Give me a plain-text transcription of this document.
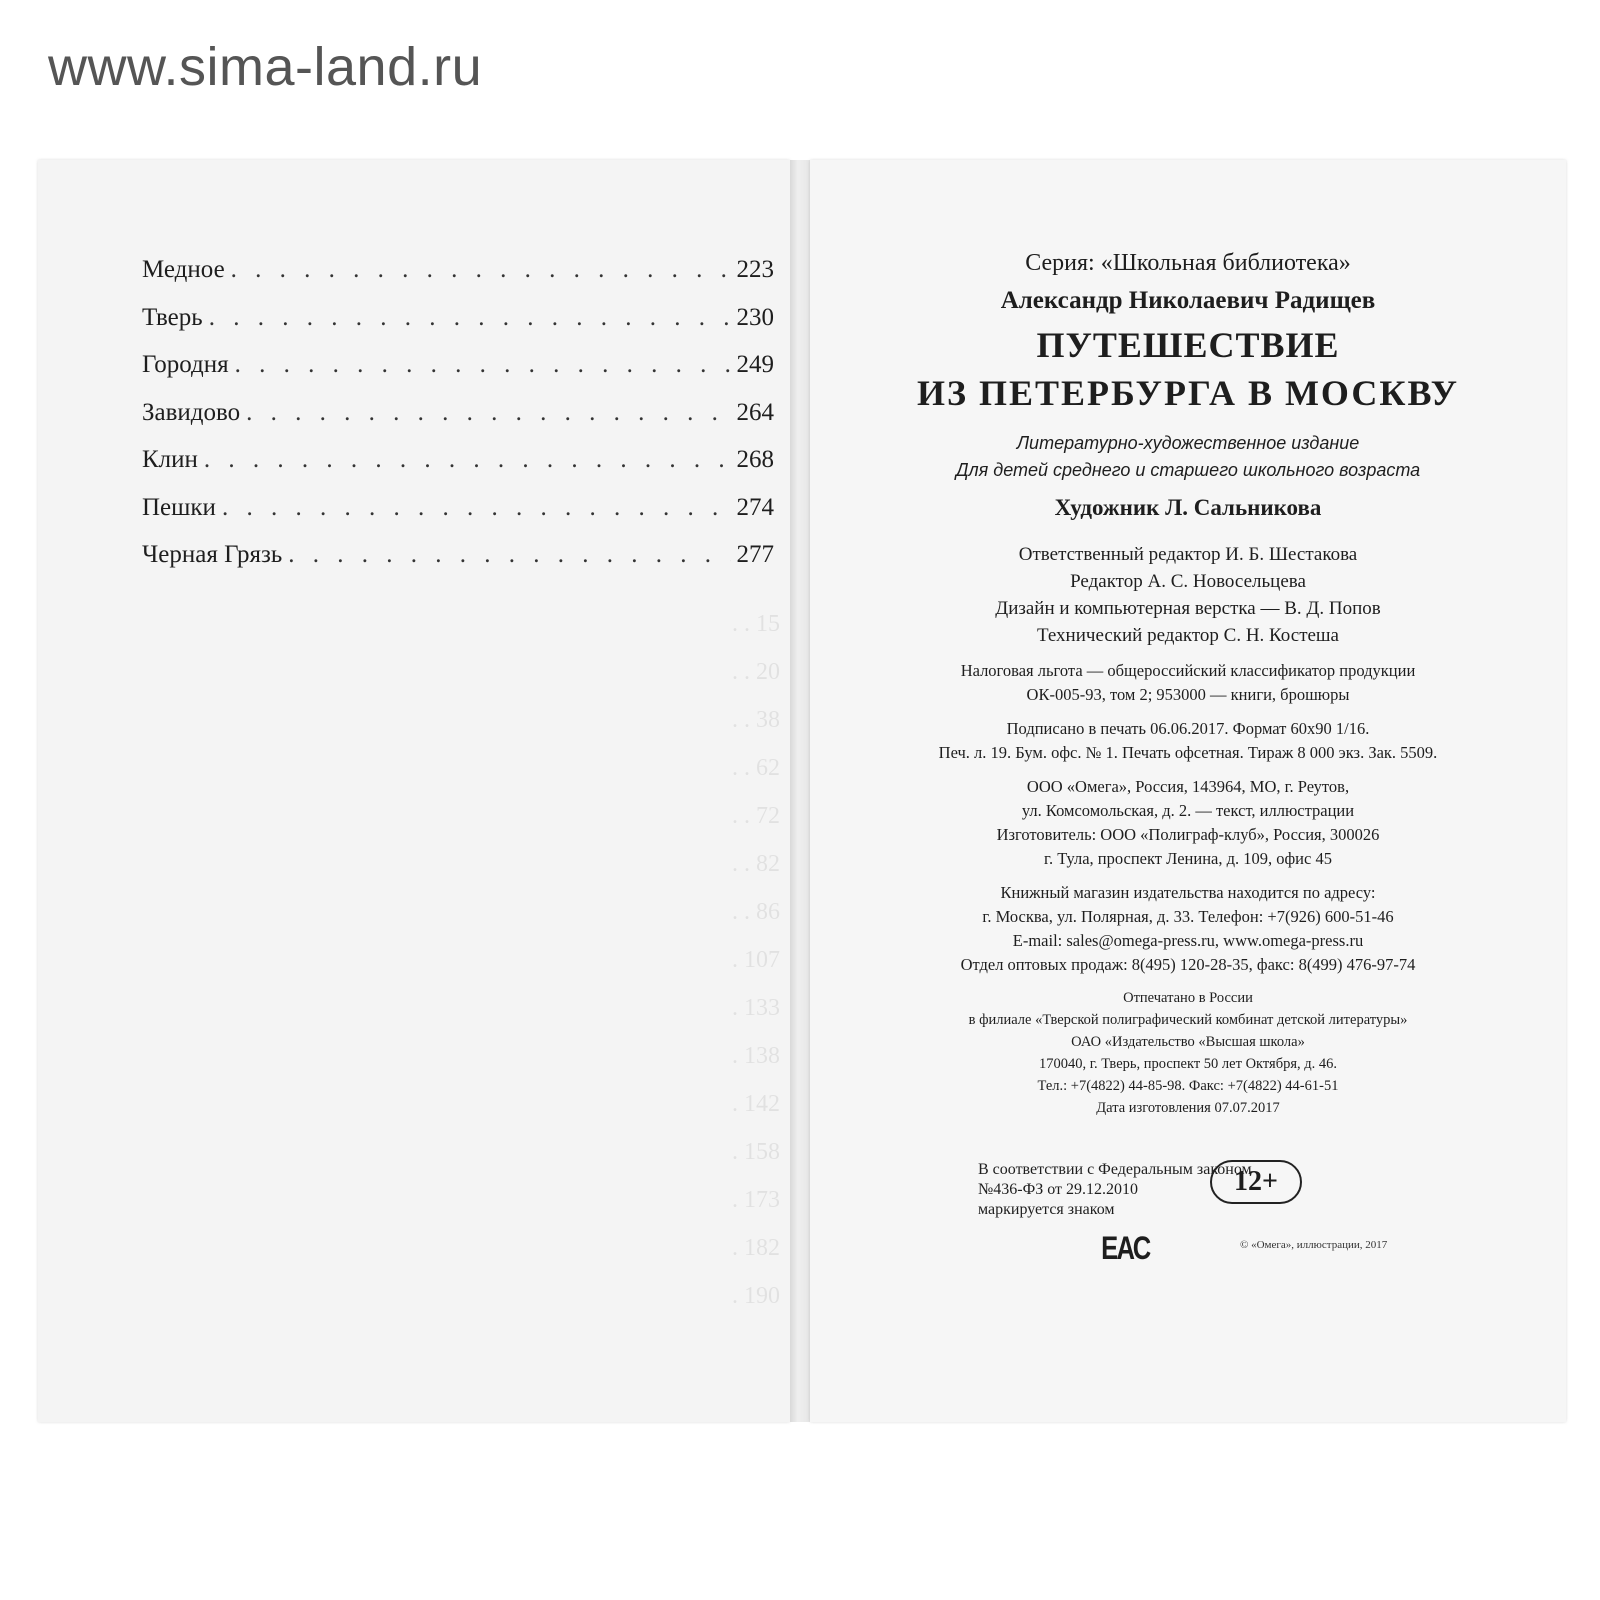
www.sima-land.ru
. . 15
. . 20
. . 38
. . 62
. . 72
. . 82
. . 86
. 107
. 133
. 138
. 142
. 158
. 173
. 182
. 190
Медное . . .	223
Тверь . . .	230
Городня . . .	249
Завидово . . .	264
Клин . . .	268
Пешки . . .	274
Черная Грязь . . .	277
Серия: «Школьная библиотека»
Александр Николаевич Радищев
ПУТЕШЕСТВИЕ
ИЗ ПЕТЕРБУРГА В МОСКВУ
Литературно-художественное издание
Для детей среднего и старшего школьного возраста
Художник Л. Сальникова
Ответственный редактор И. Б. Шестакова
Редактор А. С. Новосельцева
Дизайн и компьютерная верстка — В. Д. Попов
Технический редактор С. Н. Костеша
Налоговая льгота — общероссийский классификатор продукции
ОК-005-93, том 2; 953000 — книги, брошюры
Подписано в печать 06.06.2017. Формат 60х90 1/16.
Печ. л. 19. Бум. офс. № 1. Печать офсетная. Тираж 8 000 экз. Зак. 5509.
ООО «Омега», Россия, 143964, МО, г. Реутов,
ул. Комсомольская, д. 2. — текст, иллюстрации
Изготовитель: ООО «Полиграф-клуб», Россия, 300026
г. Тула, проспект Ленина, д. 109, офис 45
Книжный магазин издательства находится по адресу:
г. Москва, ул. Полярная, д. 33. Телефон: +7(926) 600-51-46
E-mail: sales@omega-press.ru, www.omega-press.ru
Отдел оптовых продаж: 8(495) 120-28-35, факс: 8(499) 476-97-74
Отпечатано в России
в филиале «Тверской полиграфический комбинат детской литературы»
ОАО «Издательство «Высшая школа»
170040, г. Тверь, проспект 50 лет Октября, д. 46.
Тел.: +7(4822) 44-85-98. Факс: +7(4822) 44-61-51
Дата изготовления 07.07.2017
В соответствии с Федеральным законом
№436-ФЗ от 29.12.2010
маркируется знаком
12+
ЕАС	© «Омега», иллюстрации, 2017
